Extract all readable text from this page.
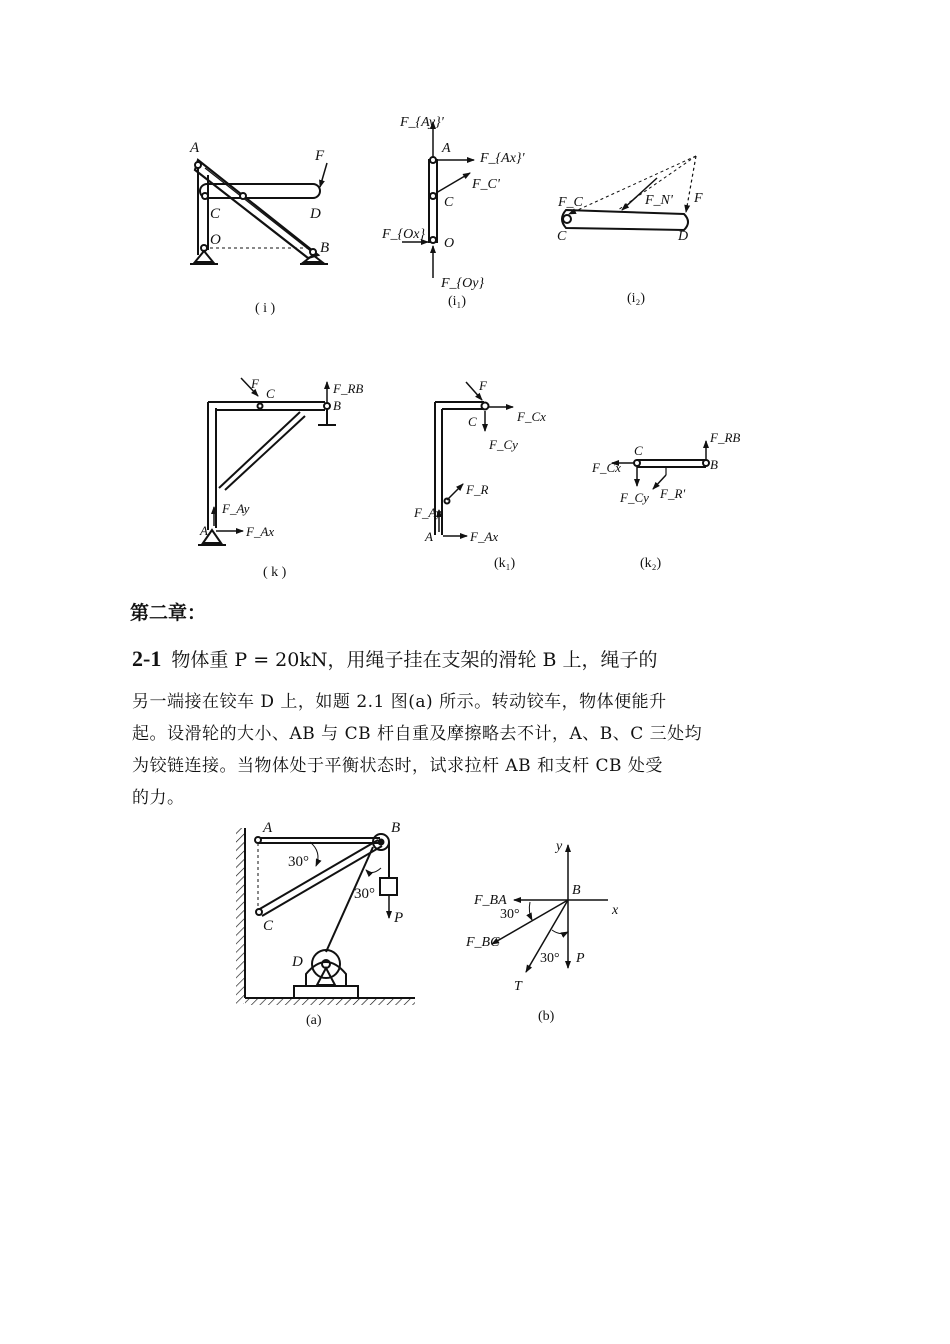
A	F
C	D
O	B
( i )
F_{Ay}'
A
F_{Ax}'
F_C'
C
F_{Ox}
O
F_{Oy}
(i₁)
F_C	F_N' F
C	D
(i₂)
F
C	F_RB
B
F_Ay
A	F_Ax
( k )
F
C	F_Cx
F_Cy
F_R
F_Ay
A	F_Ax
(k₁)
C
F_RB
F_Cx	B
F_Cy F_R'
(k₂)
第二章：
2-1 物体重 P = 20kN，用绳子挂在支架的滑轮 B 上，绳子的
另一端接在铰车 D 上，如题 2.1 图(a) 所示。转动铰车，物体便能升
起。设滑轮的大小、AB 与 CB 杆自重及摩擦略去不计，A、B、C 三处均
为铰链连接。当物体处于平衡状态时，试求拉杆 AB 和支杆 CB 处受
的力。
A	B
30°
30°
C	P
D
(a)
y
F_BA
B
30°	x
F_BC
30° P
T
(b)
